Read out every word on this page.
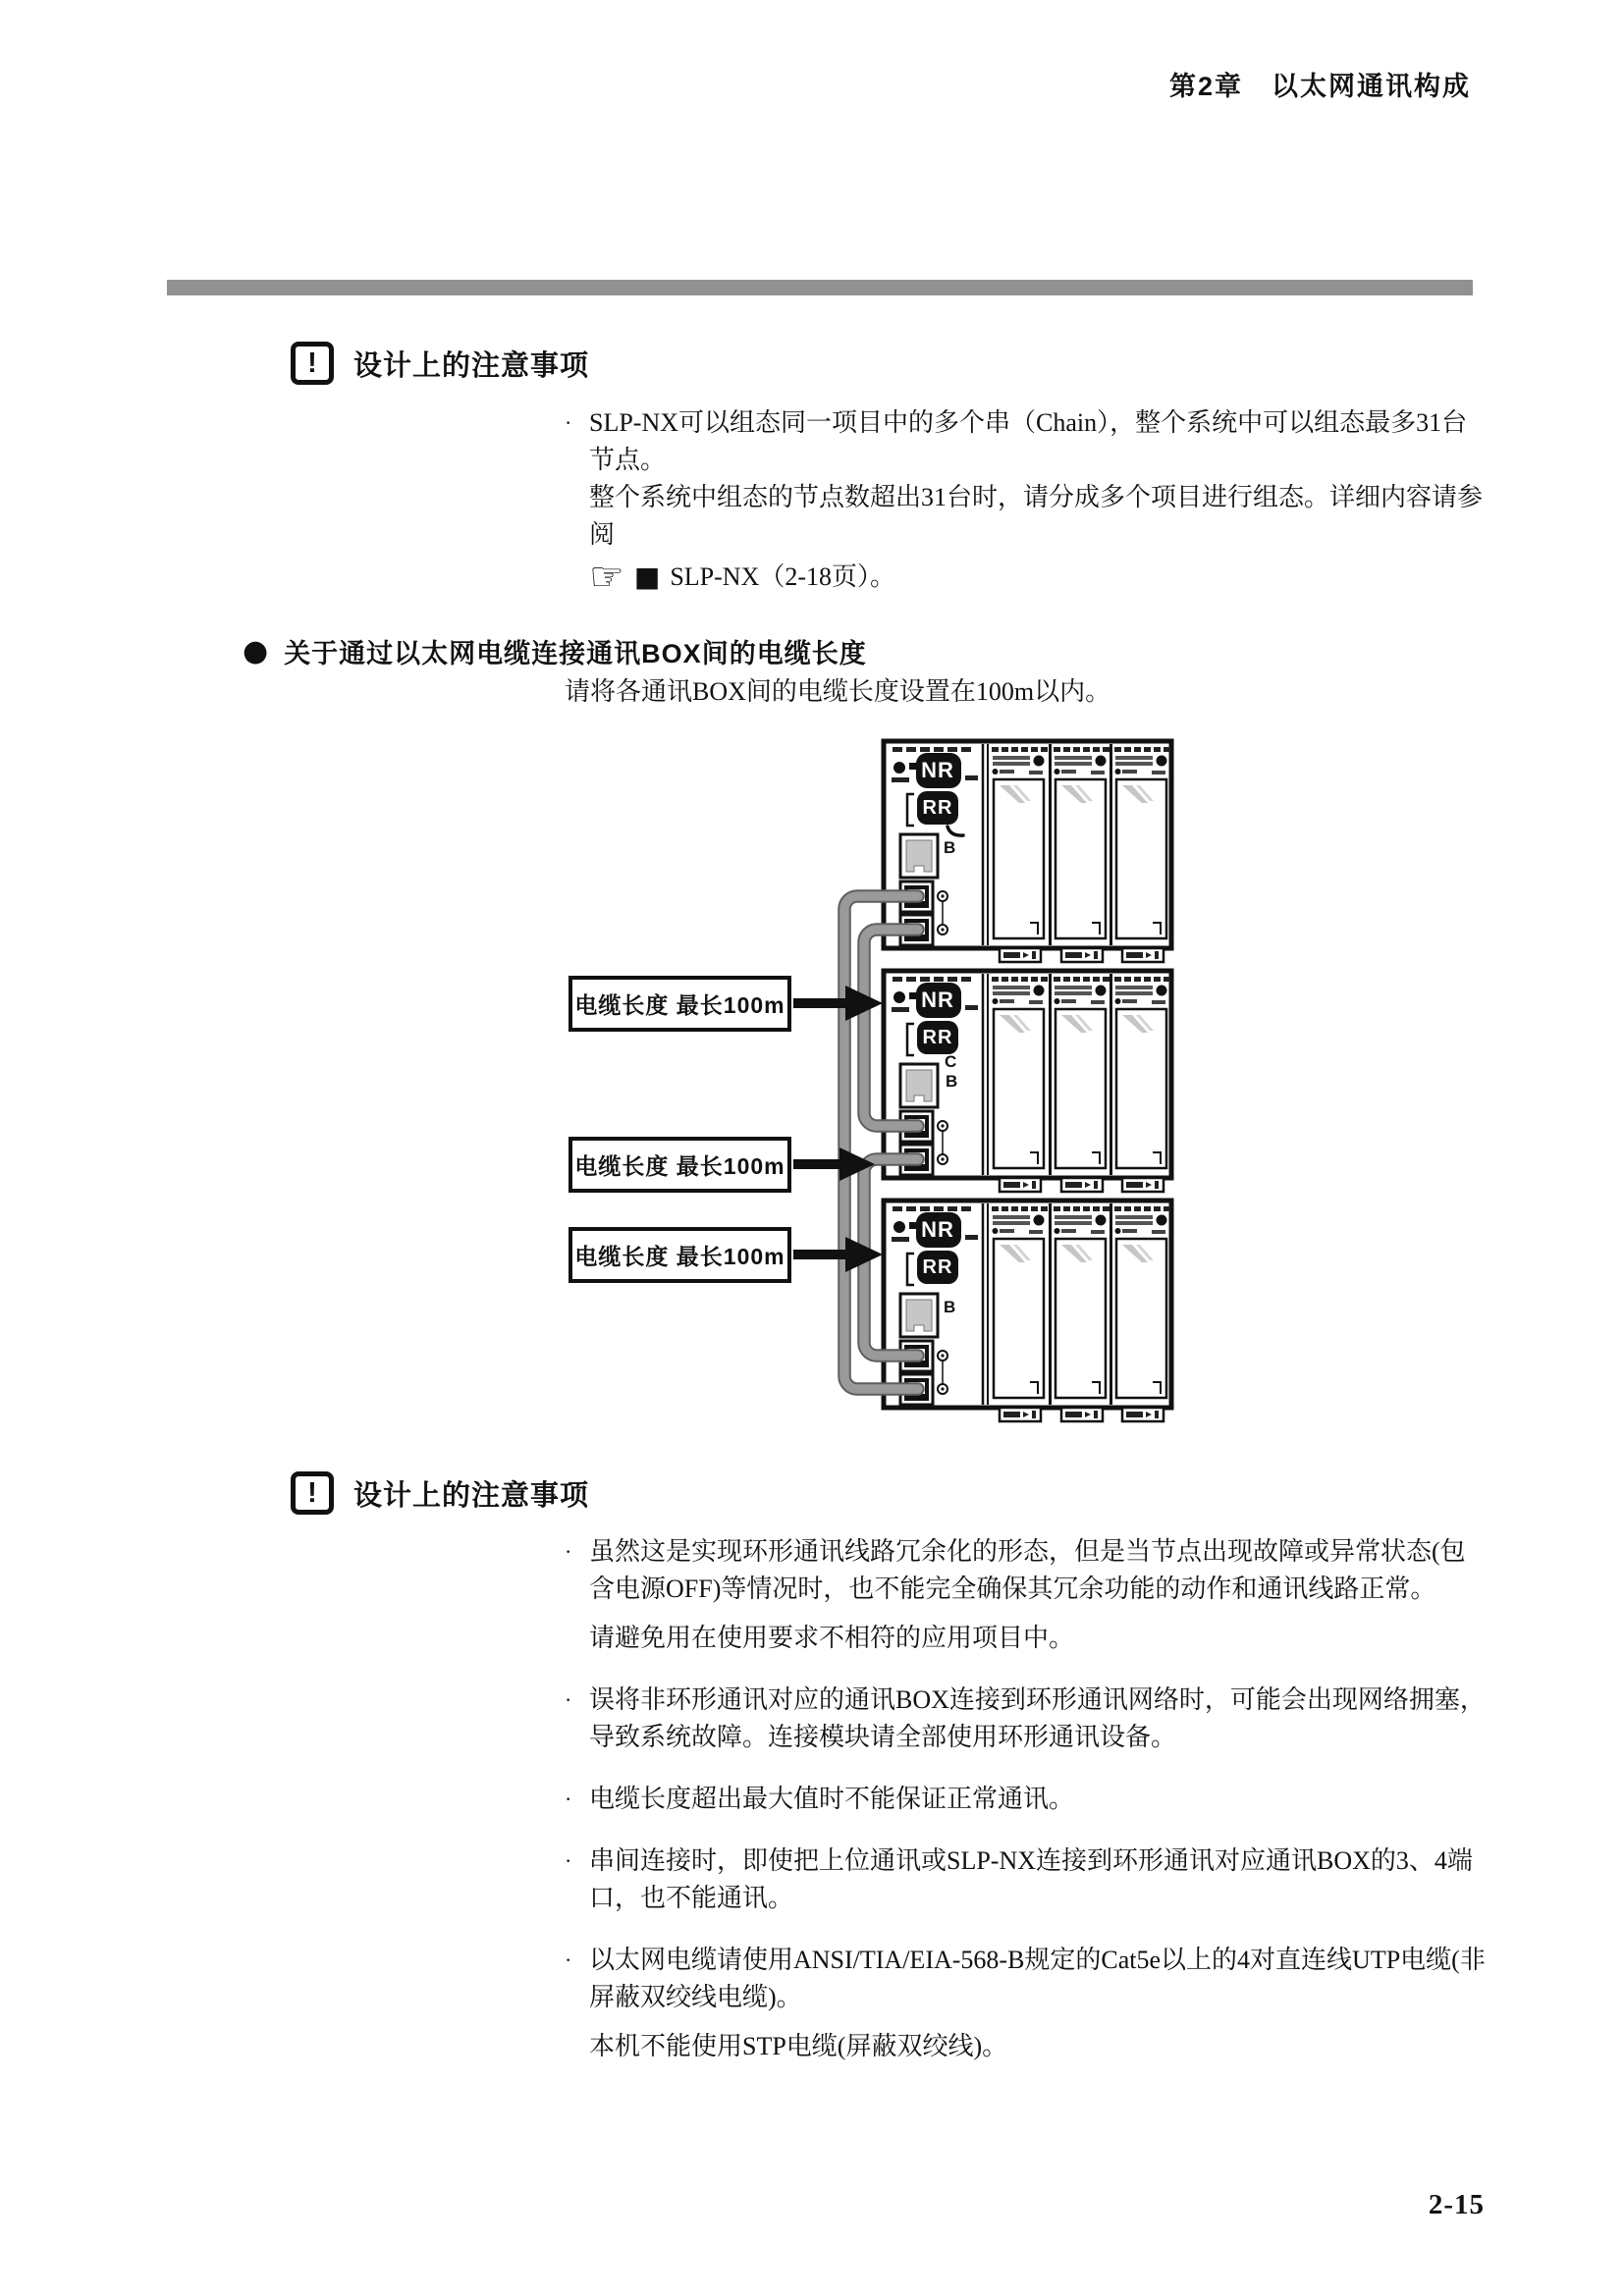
第2章　以太网通讯构成
!	设计上的注意事项
· SLP-NX可以组态同一项目中的多个串（Chain），整个系统中可以组态最多31台节点。
整个系统中组态的节点数超出31台时，请分成多个项目进行组态。详细内容请参阅
☞ ■ SLP-NX（2-18页）。
● 关于通过以太网电缆连接通讯BOX间的电缆长度
请将各通讯BOX间的电缆长度设置在100m以内。
电缆长度 最长100m
电缆长度 最长100m
电缆长度 最长100m
NR
RR
B
NR
RR
C
B
NR
RR
B
!	设计上的注意事项
· 虽然这是实现环形通讯线路冗余化的形态，但是当节点出现故障或异常状态(包含电源OFF)等情况时，也不能完全确保其冗余功能的动作和通讯线路正常。
请避免用在使用要求不相符的应用项目中。
· 误将非环形通讯对应的通讯BOX连接到环形通讯网络时，可能会出现网络拥塞，导致系统故障。连接模块请全部使用环形通讯设备。
· 电缆长度超出最大值时不能保证正常通讯。
· 串间连接时，即使把上位通讯或SLP-NX连接到环形通讯对应通讯BOX的3、4端口，也不能通讯。
· 以太网电缆请使用ANSI/TIA/EIA-568-B规定的Cat5e以上的4对直连线UTP电缆(非屏蔽双绞线电缆)。
本机不能使用STP电缆(屏蔽双绞线)。
2-15
